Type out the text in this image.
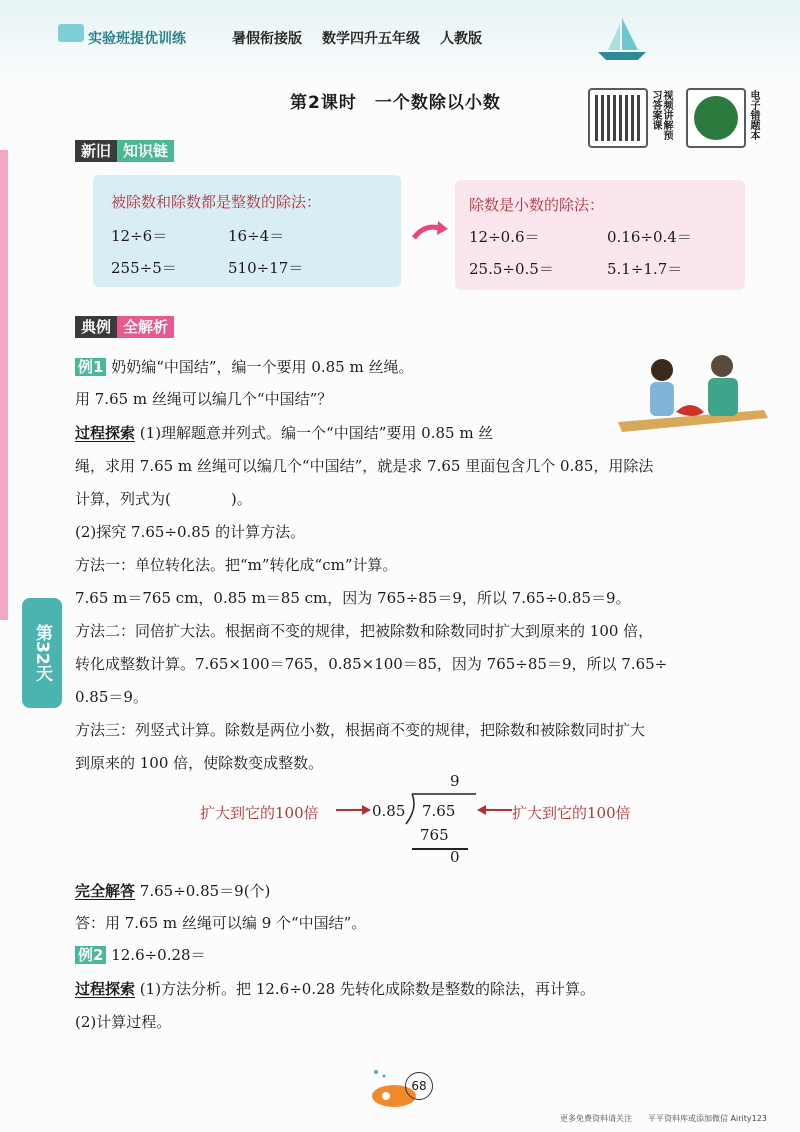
实验班提优训练	暑假衔接版 数学四升五年级 人教版
第2课时　一个数除以小数	视频讲解预习答案课	电子错题本
新旧 知识链
被除数和除数都是整数的除法：
12÷6＝	16÷4＝
255÷5＝	510÷17＝
除数是小数的除法：
12÷0.6＝	0.16÷0.4＝
25.5÷0.5＝	5.1÷1.7＝
典例 全解析
例1 奶奶编“中国结”，编一个要用 0.85 m 丝绳。
用 7.65 m 丝绳可以编几个“中国结”？
过程探索 (1)理解题意并列式。编一个“中国结”要用 0.85 m 丝
绳，求用 7.65 m 丝绳可以编几个“中国结”，就是求 7.65 里面包含几个 0.85，用除法
计算，列式为(　　　　)。
(2)探究 7.65÷0.85 的计算方法。
方法一：单位转化法。把“m”转化成“cm”计算。
7.65 m＝765 cm，0.85 m＝85 cm，因为 765÷85＝9，所以 7.65÷0.85＝9。
方法二：同倍扩大法。根据商不变的规律，把被除数和除数同时扩大到原来的 100 倍，
转化成整数计算。7.65×100＝765，0.85×100＝85，因为 765÷85＝9，所以 7.65÷
0.85＝9。
方法三：列竖式计算。除数是两位小数，根据商不变的规律，把除数和被除数同时扩大
到原来的 100 倍，使除数变成整数。
扩大到它的100倍	0.85
9
7.65	扩大到它的100倍
765
0
完全解答 7.65÷0.85＝9(个)
答：用 7.65 m 丝绳可以编 9 个“中国结”。
例2 12.6÷0.28＝
过程探索 (1)方法分析。把 12.6÷0.28 先转化成除数是整数的除法，再计算。
(2)计算过程。
第32天
68
更多免费资料请关注　　平平资料库或添加微信 Airity123
